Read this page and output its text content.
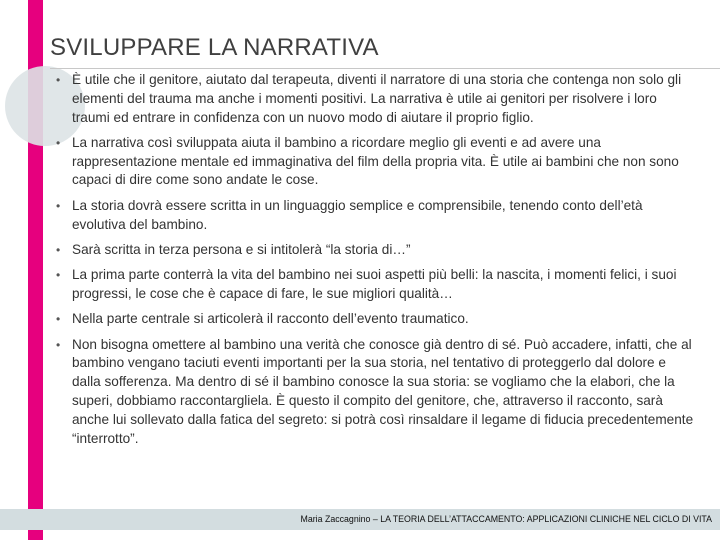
SVILUPPARE LA NARRATIVA
• È utile che il genitore, aiutato dal terapeuta, diventi il narratore di una storia che contenga non solo gli elementi del trauma ma anche i momenti positivi. La narrativa è utile ai genitori per risolvere i loro traumi ed entrare in confidenza con un nuovo modo di aiutare il proprio figlio.
• La narrativa così sviluppata aiuta il bambino a ricordare meglio gli eventi e ad avere una rappresentazione mentale ed immaginativa del film della propria vita. È utile ai bambini che non sono capaci di dire come sono andate le cose.
• La storia dovrà essere scritta in un linguaggio semplice e comprensibile, tenendo conto dell’età evolutiva del bambino.
• Sarà scritta in terza persona e si intitolerà “la storia di…”
• La prima parte conterrà la vita del bambino nei suoi aspetti più belli: la nascita, i momenti felici, i suoi progressi, le cose che è capace di fare, le sue migliori qualità…
• Nella parte centrale si articolerà il racconto dell’evento traumatico.
• Non bisogna omettere al bambino una verità che conosce già dentro di sé. Può accadere, infatti, che al bambino vengano taciuti eventi importanti per la sua storia, nel tentativo di proteggerlo dal dolore e dalla sofferenza. Ma dentro di sé il bambino conosce la sua storia: se vogliamo che la elabori, che la superi, dobbiamo raccontargliela. È questo il compito del genitore, che, attraverso il racconto, sarà anche lui sollevato dalla fatica del segreto: si potrà così rinsaldare il legame di fiducia precedentemente “interrotto”.
Maria Zaccagnino – LA TEORIA DELL’ATTACCAMENTO: APPLICAZIONI CLINICHE NEL CICLO DI VITA
